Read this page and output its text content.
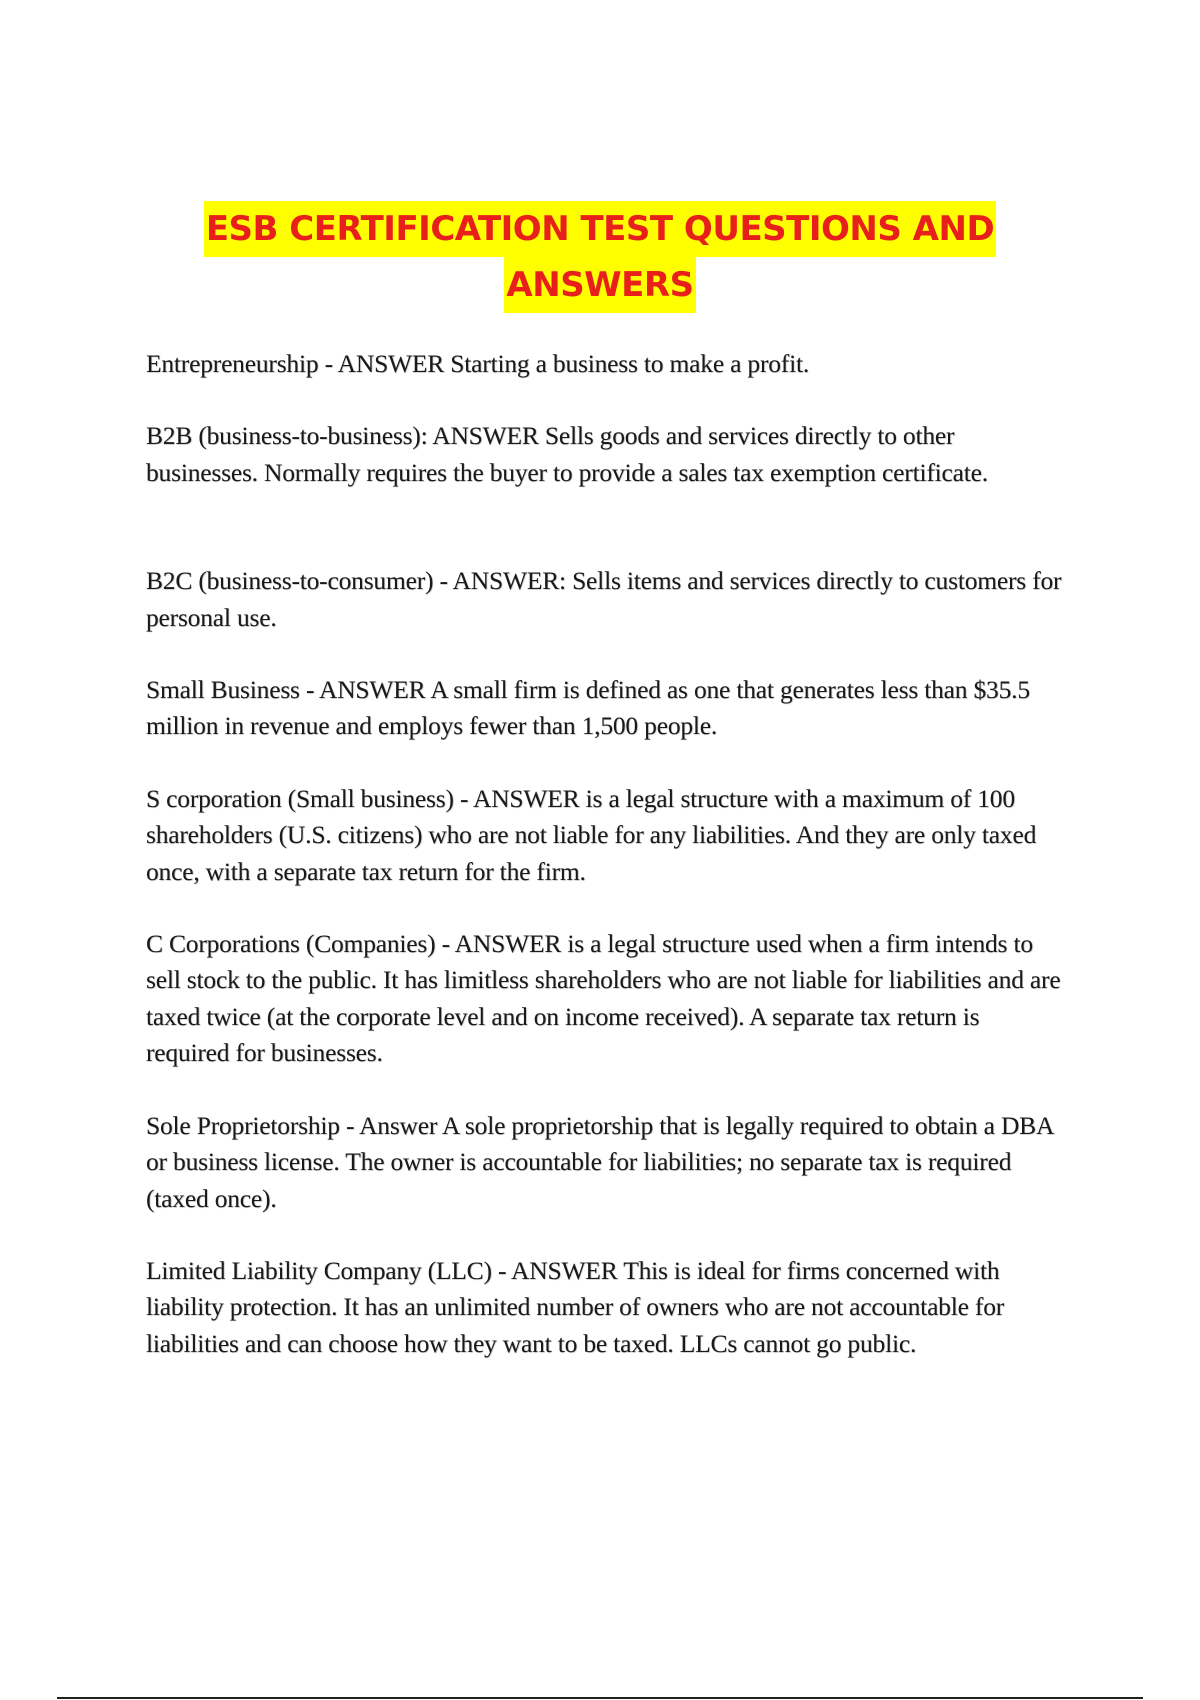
ESB CERTIFICATION TEST QUESTIONS AND
ANSWERS

Entrepreneurship - ANSWER Starting a business to make a profit.

B2B (business-to-business): ANSWER Sells goods and services directly to other businesses. Normally requires the buyer to provide a sales tax exemption certificate.

B2C (business-to-consumer) - ANSWER: Sells items and services directly to customers for personal use.

Small Business - ANSWER A small firm is defined as one that generates less than $35.5 million in revenue and employs fewer than 1,500 people.

S corporation (Small business) - ANSWER is a legal structure with a maximum of 100 shareholders (U.S. citizens) who are not liable for any liabilities. And they are only taxed once, with a separate tax return for the firm.

C Corporations (Companies) - ANSWER is a legal structure used when a firm intends to sell stock to the public. It has limitless shareholders who are not liable for liabilities and are taxed twice (at the corporate level and on income received). A separate tax return is required for businesses.

Sole Proprietorship - Answer A sole proprietorship that is legally required to obtain a DBA or business license. The owner is accountable for liabilities; no separate tax is required (taxed once).

Limited Liability Company (LLC) - ANSWER This is ideal for firms concerned with liability protection. It has an unlimited number of owners who are not accountable for liabilities and can choose how they want to be taxed. LLCs cannot go public.
